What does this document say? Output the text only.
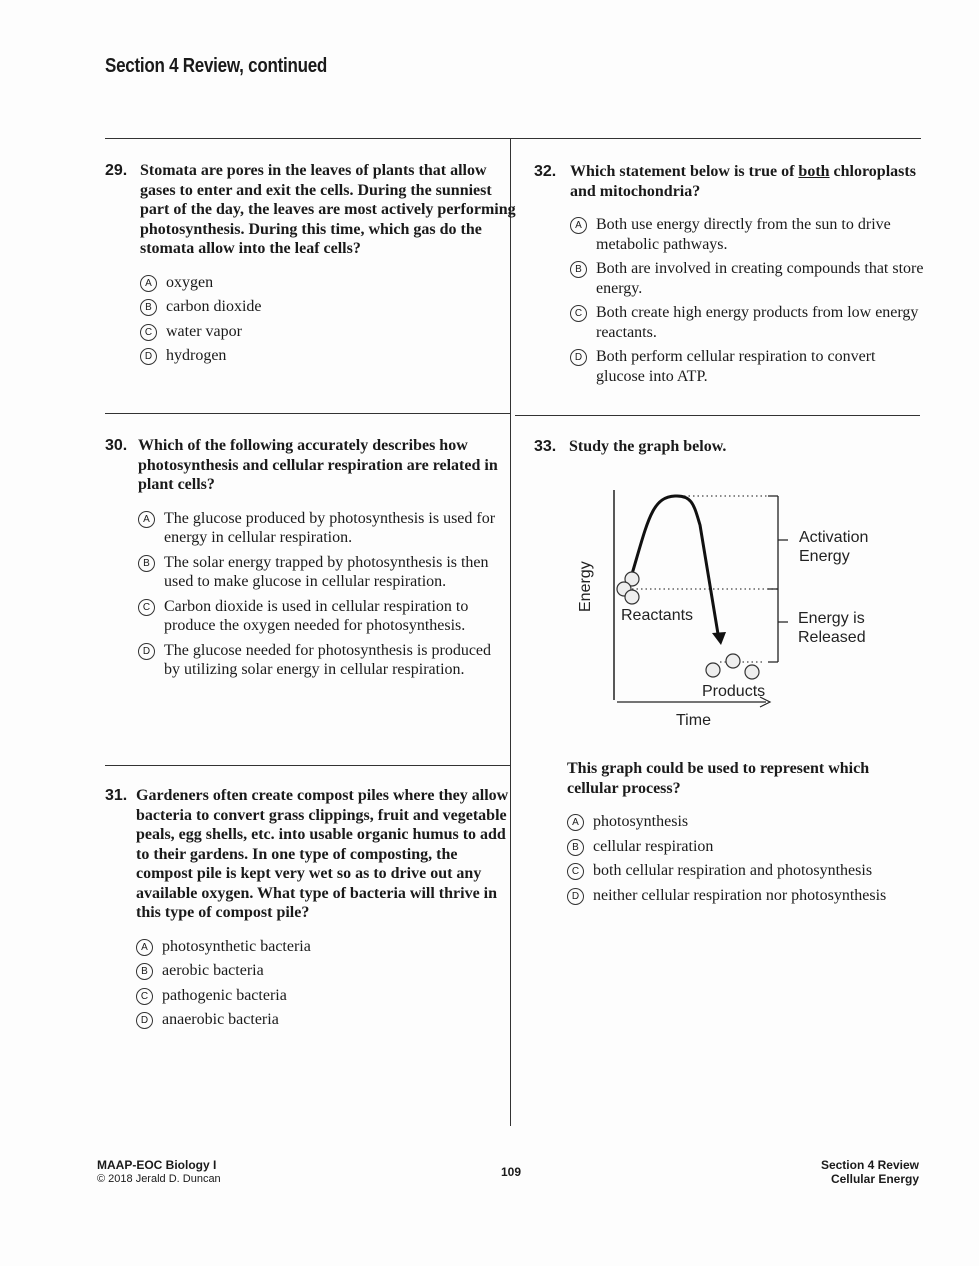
Section 4 Review, continued
29. Stomata are pores in the leaves of plants that allow gases to enter and exit the cells. During the sunniest part of the day, the leaves are most actively performing photosynthesis. During this time, which gas do the stomata allow into the leaf cells?
A oxygen
B carbon dioxide
C water vapor
D hydrogen
30. Which of the following accurately describes how photosynthesis and cellular respiration are related in plant cells?
A The glucose produced by photosynthesis is used for energy in cellular respiration.
B The solar energy trapped by photosynthesis is then used to make glucose in cellular respiration.
C Carbon dioxide is used in cellular respiration to produce the oxygen needed for photosynthesis.
D The glucose needed for photosynthesis is produced by utilizing solar energy in cellular respiration.
31. Gardeners often create compost piles where they allow bacteria to convert grass clippings, fruit and vegetable peals, egg shells, etc. into usable organic humus to add to their gardens. In one type of composting, the compost pile is kept very wet so as to drive out any available oxygen. What type of bacteria will thrive in this type of compost pile?
A photosynthetic bacteria
B aerobic bacteria
C pathogenic bacteria
D anaerobic bacteria
32. Which statement below is true of both chloroplasts and mitochondria?
A Both use energy directly from the sun to drive metabolic pathways.
B Both are involved in creating compounds that store energy.
C Both create high energy products from low energy reactants.
D Both perform cellular respiration to convert glucose into ATP.
33. Study the graph below.
Energy
Time
Reactants
Products
Activation
Energy
Energy is
Released
This graph could be used to represent which cellular process?
A photosynthesis
B cellular respiration
C both cellular respiration and photosynthesis
D neither cellular respiration nor photosynthesis
MAAP-EOC Biology I
© 2018 Jerald D. Duncan	109	Section 4 Review
Cellular Energy
